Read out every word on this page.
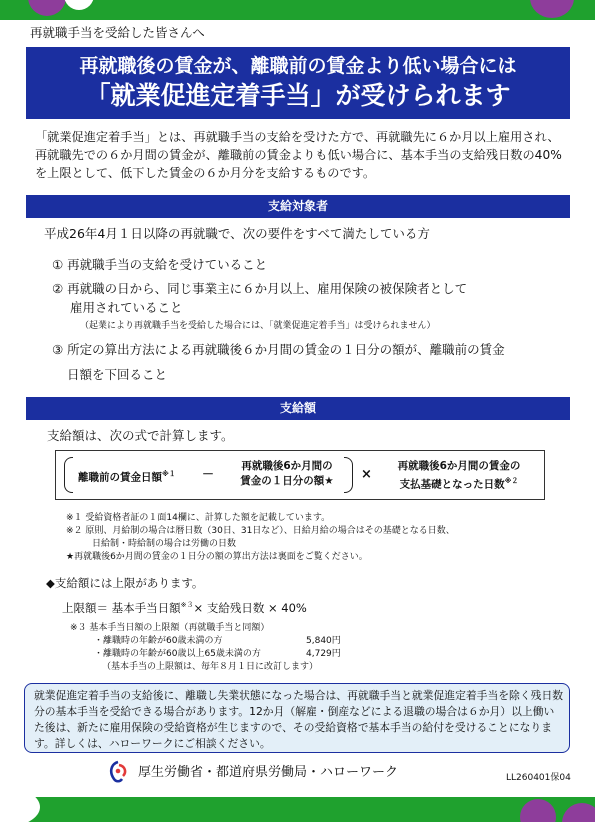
再就職手当を受給した皆さんへ
再就職後の賃金が、離職前の賃金より低い場合には
「就業促進定着手当」が受けられます
「就業促進定着手当」とは、再就職手当の支給を受けた方で、再就職先に６か月以上雇用され、再就職先での６か月間の賃金が、離職前の賃金よりも低い場合に、基本手当の支給残日数の40%を上限として、低下した賃金の６か月分を支給するものです。
支給対象者
平成26年4月１日以降の再就職で、次の要件をすべて満たしている方
① 再就職手当の支給を受けていること
② 再就職の日から、同じ事業主に６か月以上、雇用保険の被保険者として
雇用されていること
（起業により再就職手当を受給した場合には、「就業促進定着手当」は受けられません）
③ 所定の算出方法による再就職後６か月間の賃金の１日分の額が、離職前の賃金
日額を下回ること
支給額
支給額は、次の式で計算します。
離職前の賃金日額$^{※1}$ －
再就職後6か月間の
賃金の１日分の額★	×
再就職後6か月間の賃金の
支払基礎となった日数$^{※2}$
※１ 受給資格者証の１面14欄に、計算した額を記載しています。
※２ 原則、月給制の場合は暦日数（30日、31日など）、日給月給の場合はその基礎となる日数、
日給制・時給制の場合は労働の日数
★再就職後6か月間の賃金の１日分の額の算出方法は裏面をご覧ください。
◆支給額には上限があります。
上限額＝ 基本手当日額$^{※3}$× 支給残日数 × 40%
※３ 基本手当日額の上限額（再就職手当と同額）
・離職時の年齢が60歳未満の方	5,840円
・離職時の年齢が60歳以上65歳未満の方	4,729円
（基本手当の上限額は、毎年８月１日に改訂します）
就業促進定着手当の支給後に、離職し失業状態になった場合は、再就職手当と就業促進定着手当を除く残日数分の基本手当を受給できる場合があります。12か月（解雇・倒産などによる退職の場合は６か月）以上働いた後は、新たに雇用保険の受給資格が生じますので、その受給資格で基本手当の給付を受けることになります。詳しくは、ハローワークにご相談ください。
厚生労働省・都道府県労働局・ハローワーク	LL260401保04
